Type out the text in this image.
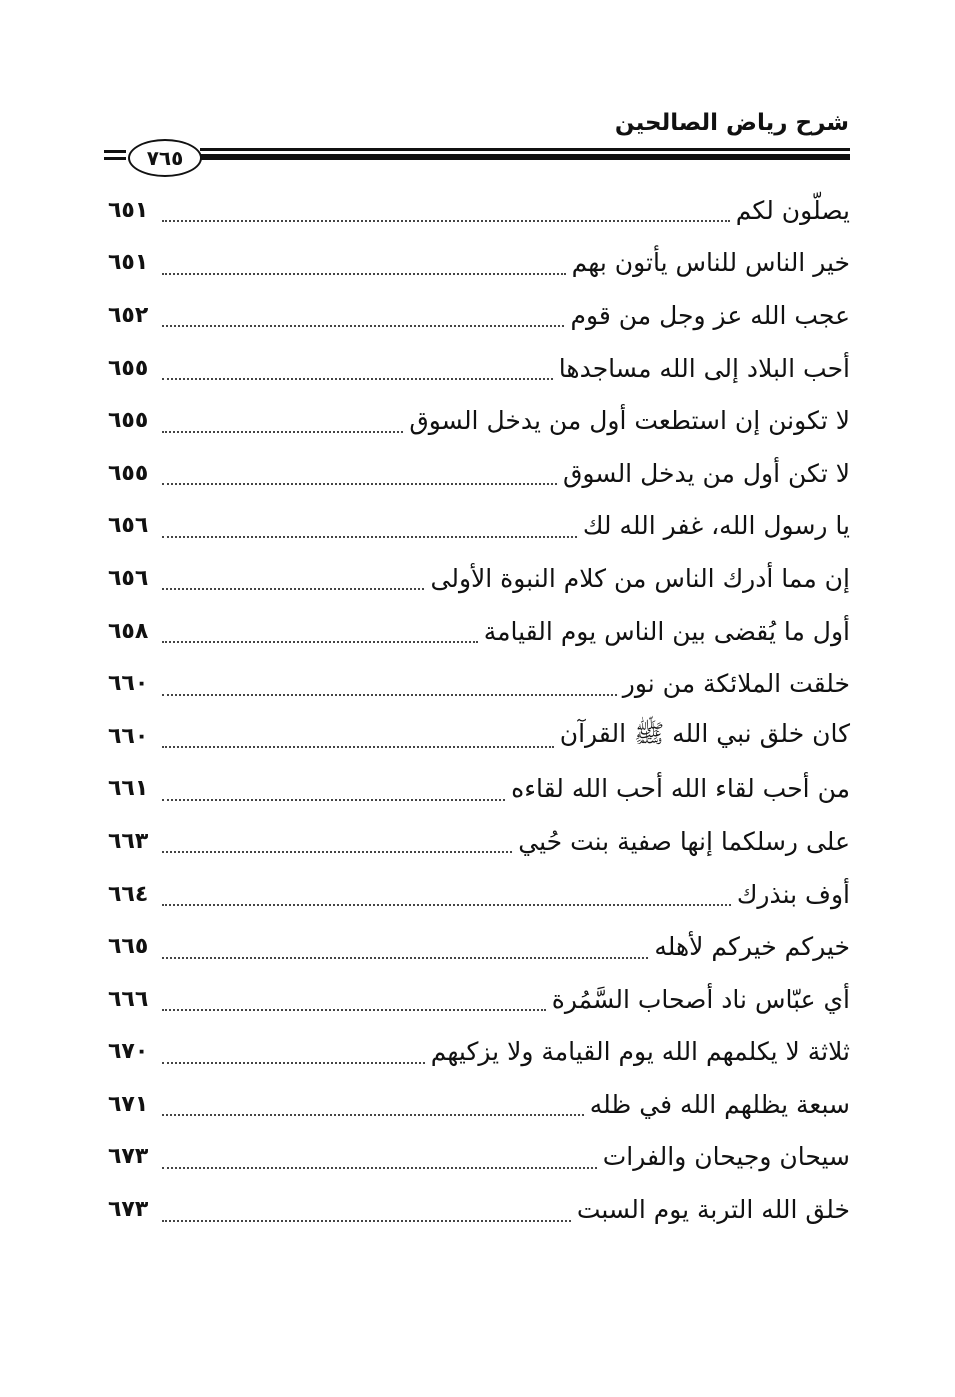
شرح رياض الصالحين
٧٦٥
يصلّون لكم
٦٥١
خير الناس للناس يأتون بهم
٦٥١
عجب الله عز وجل من قوم
٦٥٢
أحب البلاد إلى الله مساجدها
٦٥٥
لا تكونن إن استطعت أول من يدخل السوق
٦٥٥
لا تكن أول من يدخل السوق
٦٥٥
يا رسول الله، غفر الله لك
٦٥٦
إن مما أدرك الناس من كلام النبوة الأولى
٦٥٦
أول ما يُقضى بين الناس يوم القيامة
٦٥٨
خلقت الملائكة من نور
٦٦٠
كان خلق نبي الله ﷺ القرآن
٦٦٠
من أحب لقاء الله أحب الله لقاءه
٦٦١
على رسلكما إنها صفية بنت حُيي
٦٦٣
أوف بنذرك
٦٦٤
خيركم خيركم لأهله
٦٦٥
أي عبّاس ناد أصحاب السَّمُرة
٦٦٦
ثلاثة لا يكلمهم الله يوم القيامة ولا يزكيهم
٦٧٠
سبعة يظلهم الله في ظله
٦٧١
سيحان وجيحان والفرات
٦٧٣
خلق الله التربة يوم السبت
٦٧٣
